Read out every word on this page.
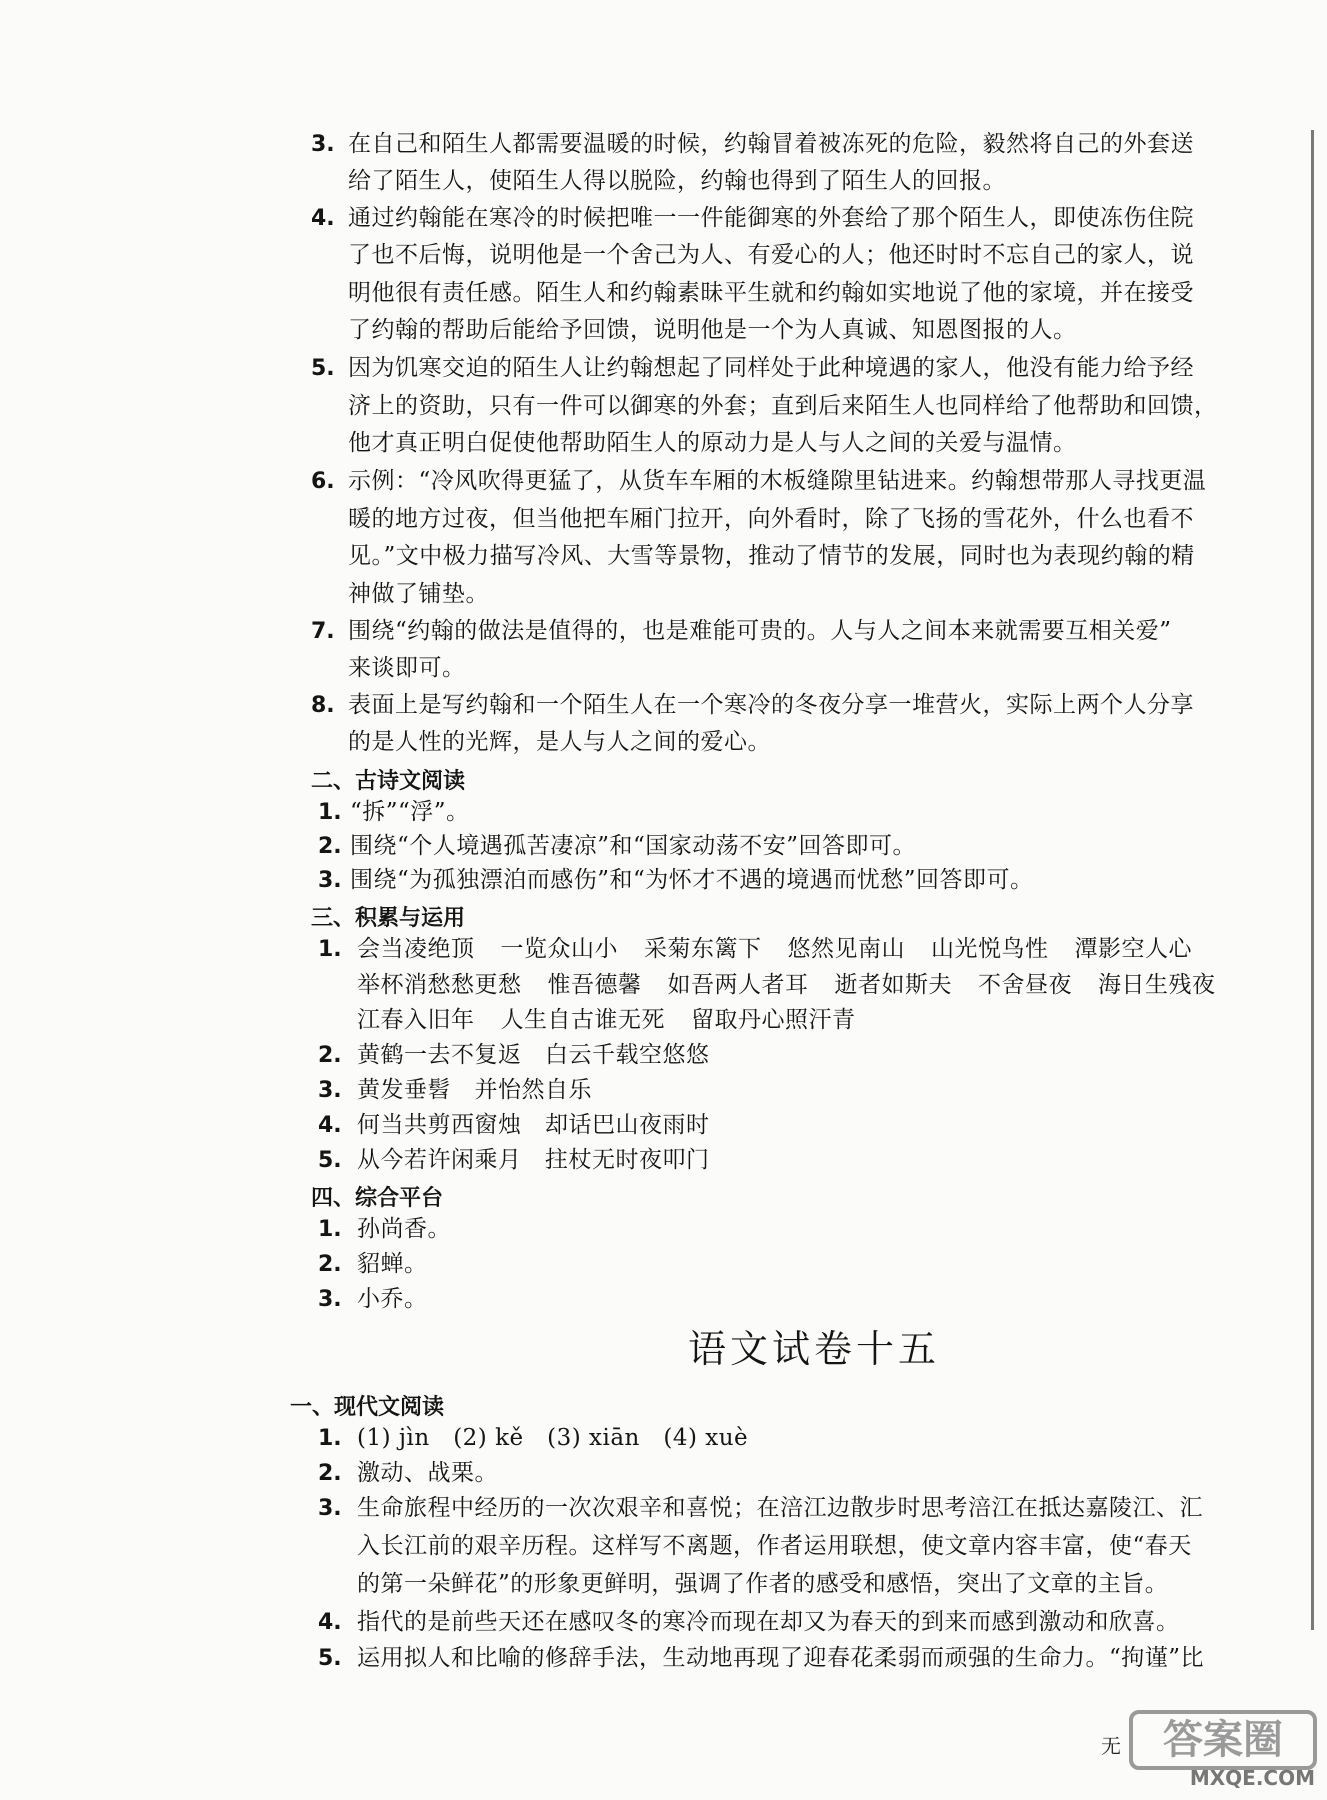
3. 在自己和陌生人都需要温暖的时候，约翰冒着被冻死的危险，毅然将自己的外套送
给了陌生人，使陌生人得以脱险，约翰也得到了陌生人的回报。
4. 通过约翰能在寒冷的时候把唯一一件能御寒的外套给了那个陌生人，即使冻伤住院
了也不后悔，说明他是一个舍己为人、有爱心的人；他还时时不忘自己的家人，说
明他很有责任感。陌生人和约翰素昧平生就和约翰如实地说了他的家境，并在接受
了约翰的帮助后能给予回馈，说明他是一个为人真诚、知恩图报的人。
5. 因为饥寒交迫的陌生人让约翰想起了同样处于此种境遇的家人，他没有能力给予经
济上的资助，只有一件可以御寒的外套；直到后来陌生人也同样给了他帮助和回馈，
他才真正明白促使他帮助陌生人的原动力是人与人之间的关爱与温情。
6. 示例：“冷风吹得更猛了，从货车车厢的木板缝隙里钻进来。约翰想带那人寻找更温
暖的地方过夜，但当他把车厢门拉开，向外看时，除了飞扬的雪花外，什么也看不
见。”文中极力描写冷风、大雪等景物，推动了情节的发展，同时也为表现约翰的精
神做了铺垫。
7. 围绕“约翰的做法是值得的，也是难能可贵的。人与人之间本来就需要互相关爱”
来谈即可。
8. 表面上是写约翰和一个陌生人在一个寒冷的冬夜分享一堆营火，实际上两个人分享
的是人性的光辉，是人与人之间的爱心。
二、古诗文阅读
1. “拆”“浮”。
2. 围绕“个人境遇孤苦凄凉”和“国家动荡不安”回答即可。
3. 围绕“为孤独漂泊而感伤”和“为怀才不遇的境遇而忧愁”回答即可。
三、积累与运用
1. 会当凌绝顶 一览众山小 采菊东篱下 悠然见南山 山光悦鸟性 潭影空人心
举杯消愁愁更愁 惟吾德馨 如吾两人者耳 逝者如斯夫 不舍昼夜 海日生残夜
江春入旧年 人生自古谁无死 留取丹心照汗青
2. 黄鹤一去不复返　白云千载空悠悠
3. 黄发垂髫　并怡然自乐
4. 何当共剪西窗烛　却话巴山夜雨时
5. 从今若许闲乘月　拄杖无时夜叩门
四、综合平台
1. 孙尚香。
2. 貂蝉。
3. 小乔。
语文试卷十五
一、现代文阅读
1. (1) jìn　(2) kě　(3) xiān　(4) xuè
2. 激动、战栗。
3. 生命旅程中经历的一次次艰辛和喜悦；在涪江边散步时思考涪江在抵达嘉陵江、汇
入长江前的艰辛历程。这样写不离题，作者运用联想，使文章内容丰富，使“春天
的第一朵鲜花”的形象更鲜明，强调了作者的感受和感悟，突出了文章的主旨。
4. 指代的是前些天还在感叹冬的寒冷而现在却又为春天的到来而感到激动和欣喜。
5. 运用拟人和比喻的修辞手法，生动地再现了迎春花柔弱而顽强的生命力。“拘谨”比
无	答案圈
MXQE.COM
